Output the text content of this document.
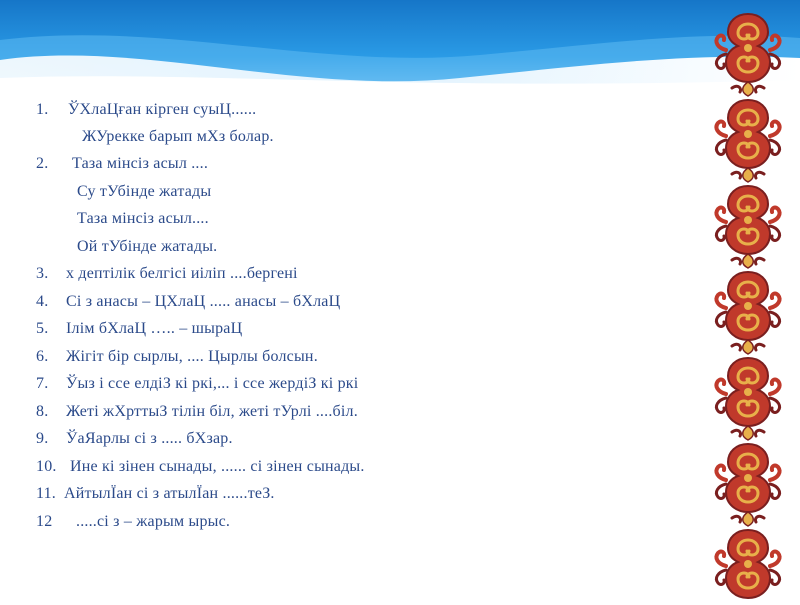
1. ЎХлаЦған кірген суыЦ......
ЖУрекке барып мХз болар.
2. Таза мінсіз асыл ....
Су тУбінде жатады
Таза мінсіз асыл....
Ой тУбінде жатады.
3. х дептілік белгісі иіліп ....бергені
4. Сі з анасы – ЦХлаЦ ..... анасы – бХлаЦ
5. Ілім бХлаЦ ….. – шыраЦ
6. Жігіт бір сырлы, .... Цырлы болсын.
7. Ўыз і ссе елдіЗ кі ркі,... і ссе жердіЗ кі ркі
8. Жеті жХрттыЗ тілін біл, жеті тУрлі ....біл.
9. ЎаЯарлы сі з ..... бХзар.
10. Ине кі зінен сынады, ...... сі зінен сынады.
11. АйтылЇан сі з атылЇан ......теЗ.
12 .....сі з – жарым ырыс.
